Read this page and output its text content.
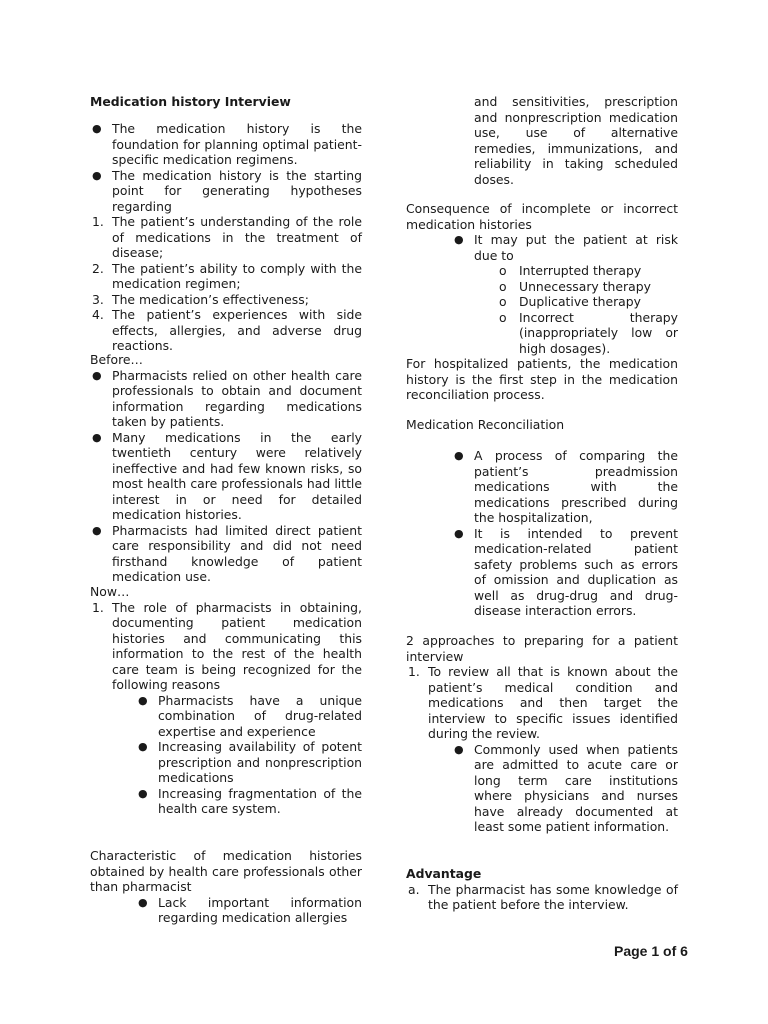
Medication history Interview

● The medication history is the foundation for planning optimal patient-specific medication regimens.
● The medication history is the starting point for generating hypotheses regarding
1. The patient’s understanding of the role of medications in the treatment of disease;
2. The patient’s ability to comply with the medication regimen;
3. The medication’s effectiveness;
4. The patient’s experiences with side effects, allergies, and adverse drug reactions.

Before…

● Pharmacists relied on other health care professionals to obtain and document information regarding medications taken by patients.
● Many medications in the early twentieth century were relatively ineffective and had few known risks, so most health care professionals had little interest in or need for detailed medication histories.
● Pharmacists had limited direct patient care responsibility and did not need firsthand knowledge of patient medication use.

Now…

1. The role of pharmacists in obtaining, documenting patient medication histories and communicating this information to the rest of the health care team is being recognized for the following reasons
● Pharmacists have a unique combination of drug-related expertise and experience
● Increasing availability of potent prescription and nonprescription medications
● Increasing fragmentation of the health care system.

Characteristic of medication histories obtained by health care professionals other than pharmacist

● Lack important information regarding medication allergies

and sensitivities, prescription and nonprescription medication use, use of alternative remedies, immunizations, and reliability in taking scheduled doses.

Consequence of incomplete or incorrect medication histories

● It may put the patient at risk due to
o Interrupted therapy
o Unnecessary therapy
o Duplicative therapy
o Incorrect therapy (inappropriately low or high dosages).

For hospitalized patients, the medication history is the first step in the medication reconciliation process.

Medication Reconciliation

● A process of comparing the patient’s preadmission medications with the medications prescribed during the hospitalization,
● It is intended to prevent medication-related patient safety problems such as errors of omission and duplication as well as drug-drug and drug-disease interaction errors.

2 approaches to preparing for a patient interview

1. To review all that is known about the patient’s medical condition and medications and then target the interview to specific issues identified during the review.
● Commonly used when patients are admitted to acute care or long term care institutions where physicians and nurses have already documented at least some patient information.

Advantage

a. The pharmacist has some knowledge of the patient before the interview.
Page 1 of 6
